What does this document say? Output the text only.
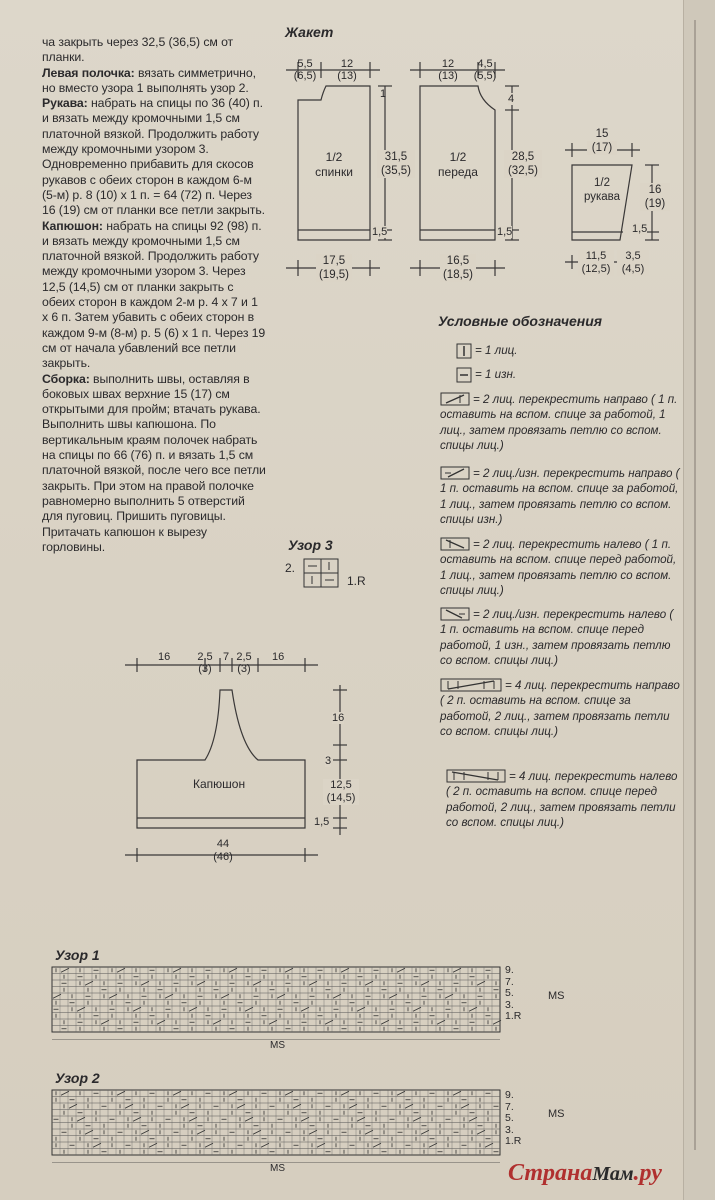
ча закрыть через 32,5 (36,5) см от планки.

Левая полочка: вязать симметрично, но вместо узора 1 выполнять узор 2.

Рукава: набрать на спицы по 36 (40) п. и вязать между кромочными 1,5 см платочной вязкой. Продолжить работу между кромочными узором 3. Одновременно прибавить для скосов рукавов с обеих сторон в каждом 6-м (5-м) р. 8 (10) х 1 п. = 64 (72) п. Через 16 (19) см от планки все петли закрыть.

Капюшон: набрать на спицы 92 (98) п. и вязать между кромочными 1,5 см платочной вязкой. Продолжить работу между кромочными узором 3. Через 12,5 (14,5) см от планки закрыть с обеих сторон в каждом 2-м р. 4 х 7 и 1 х 6 п. Затем убавить с обеих сторон в каждом 9-м (8-м) р. 5 (6) х 1 п. Через 19 см от начала убавлений все петли закрыть.

Сборка: выполнить швы, оставляя в боковых швах верхние 15 (17) см открытыми для пройм; втачать рукава. Выполнить швы капюшона. По вертикальным краям полочек набрать на спицы по 66 (76) п. и вязать 1,5 см платочной вязкой, после чего все петли закрыть. При этом на правой полочке равномерно выполнить 5 отверстий для пуговиц. Пришить пуговицы. Притачать капюшон к вырезу горловины.

Жакет
5,5
(6,5)
12
(13)
1
1/2
спинки
31,5
(35,5)
1,5
17,5
(19,5)
12
(13)
4,5
(5,5)
4
1/2
переда
28,5
(32,5)
1,5
16,5
(18,5)
15
(17)
1/2
рукава
16
(19)
1,5
11,5
(12,5)
3,5
(4,5)
Условные обозначения
= 1 лиц.
= 1 изн.
= 2 лиц. перекрестить направо ( 1 п. оставить на вспом. спице за работой, 1 лиц., затем провязать петлю со вспом. спицы лиц.)
= 2 лиц./изн. перекрестить направо ( 1 п. оставить на вспом. спице за работой, 1 лиц., затем провязать петлю со вспом. спицы изн.)
= 2 лиц. перекрестить налево ( 1 п. оставить на вспом. спице перед работой, 1 лиц., затем провязать петлю со вспом. спицы лиц.)
= 2 лиц./изн. перекрестить налево ( 1 п. оставить на вспом. спице перед работой, 1 изн., затем провязать петлю со вспом. спицы лиц.)
= 4 лиц. перекрестить направо ( 2 п. оставить на вспом. спице за работой, 2 лиц., затем провязать петли со вспом. спицы лиц.)
= 4 лиц. перекрестить налево ( 2 п. оставить на вспом. спице перед работой, 2 лиц., затем провязать петли со вспом. спицы лиц.)
Узор 3
2.
1.R
16	2,5
(3)
7 2,5
(3)
16
Капюшон
16
3
12,5
(14,5)
1,5
44
(46)
Узор 1
9.
7.
5.
3.
1.R
MS
MS
Узор 2
9.
7.
5.
3.
1.R
MS
MS	СтранаМам.ру
